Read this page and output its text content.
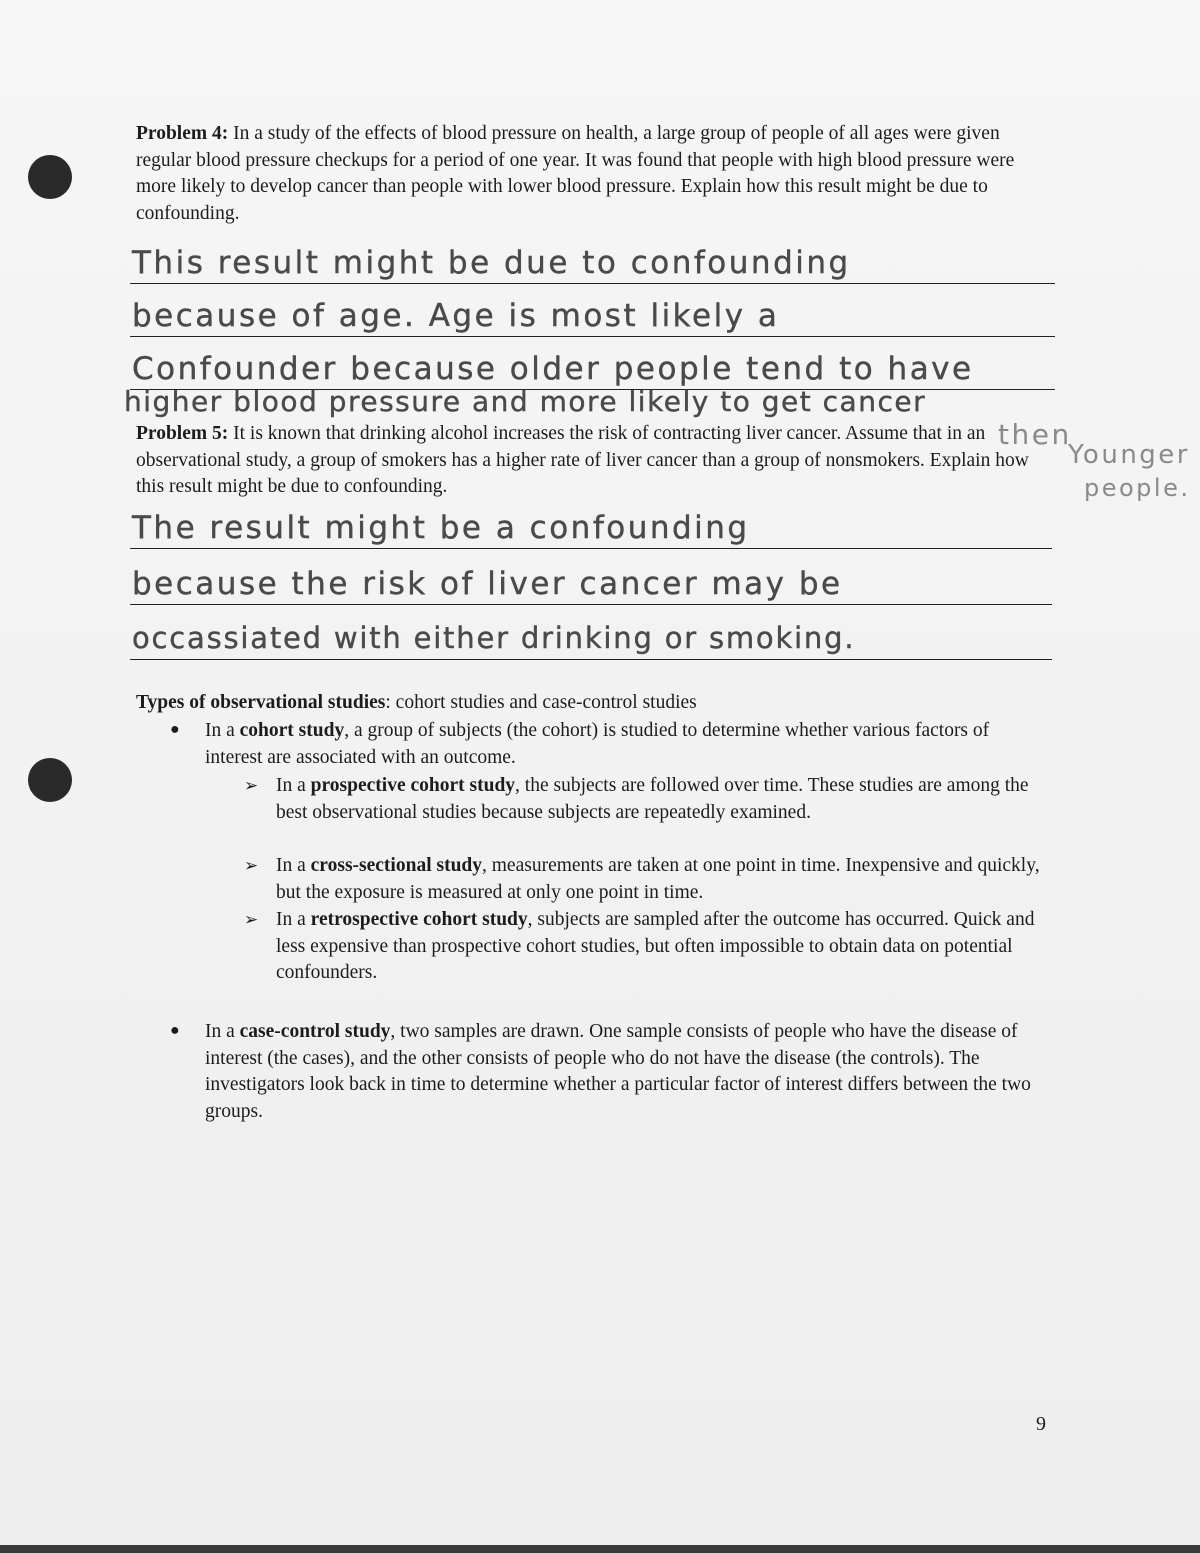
Problem 4: In a study of the effects of blood pressure on health, a large group of people of all ages were given regular blood pressure checkups for a period of one year. It was found that people with high blood pressure were more likely to develop cancer than people with lower blood pressure. Explain how this result might be due to confounding.
This result might be due to confounding
because of age. Age is most likely a
Confounder because older people tend to have
higher blood pressure and more likely to get cancer
then
Younger
people.
Problem 5: It is known that drinking alcohol increases the risk of contracting liver cancer. Assume that in an observational study, a group of smokers has a higher rate of liver cancer than a group of nonsmokers. Explain how this result might be due to confounding.
The result might be a confounding
because the risk of liver cancer may be
occassiated with either drinking or smoking.
Types of observational studies: cohort studies and case-control studies
● In a cohort study, a group of subjects (the cohort) is studied to determine whether various factors of interest are associated with an outcome.
➢ In a prospective cohort study, the subjects are followed over time. These studies are among the best observational studies because subjects are repeatedly examined.
➢ In a cross-sectional study, measurements are taken at one point in time. Inexpensive and quickly, but the exposure is measured at only one point in time.
➢ In a retrospective cohort study, subjects are sampled after the outcome has occurred. Quick and less expensive than prospective cohort studies, but often impossible to obtain data on potential confounders.
● In a case-control study, two samples are drawn. One sample consists of people who have the disease of interest (the cases), and the other consists of people who do not have the disease (the controls). The investigators look back in time to determine whether a particular factor of interest differs between the two groups.
9
